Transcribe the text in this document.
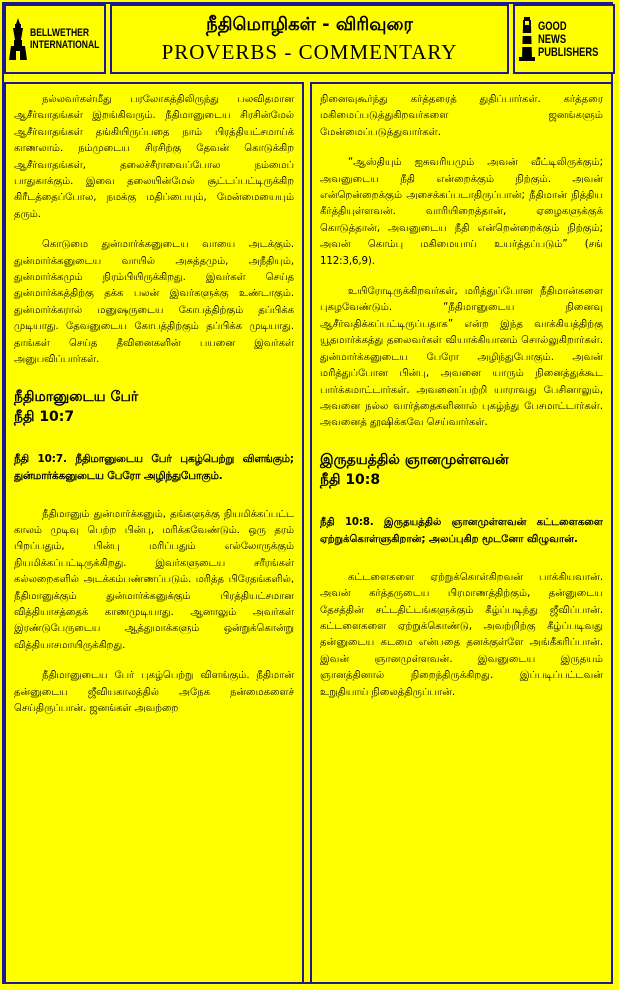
BELLWETHER
INTERNATIONAL
நீதிமொழிகள் - விரிவுரை
PROVERBS - COMMENTARY
GOOD NEWS
PUBLISHERS

நல்லவர்கள்மீது பரலோகத்திலிருந்து பலவிதமான ஆசீர்வாதங்கள் இறங்கிவரும். நீதிமானுடைய சிரசின்மேல் ஆசீர்வாதங்கள் தங்கியிருப்பதை நாம் பிரத்தியட்சமாய்க் காணலாம். நம்முடைய சிரசிற்கு தேவன் கொடுக்கிற ஆசீர்வாதங்கள், தலைச்சீராவைப்போல நம்மைப் பாதுகாக்கும். இவை தலையின்மேல் சூட்டப்பட்டிருக்கிற கிரீடத்தைப்போல, நமக்கு மதிப்பையும், மேன்மையையும் தரும்.

கொடுமை துன்மார்க்கனுடைய வாயை அடக்கும். துன்மார்க்கனுடைய வாயில் அசுத்தமும், அநீதியும், துன்மார்க்கமும் நிரம்பியிருக்கிறது. இவர்கள் செய்த துன்மார்க்கத்திற்கு தக்க பலன் இவர்களுக்கு உண்டாகும். துன்மார்க்கரால் மனுஷருடைய கோபத்திற்கும் தப்பிக்க முடியாது. தேவனுடைய கோபத்திற்கும் தப்பிக்க முடியாது. தாங்கள் செய்த தீவினைகளின் பயனை இவர்கள் அனுபவிப்பார்கள்.

நீதிமானுடைய பேர்
நீதி 10:7

நீதி 10:7. நீதிமானுடைய பேர் புகழ்பெற்று விளங்கும்; துன்மார்க்கனுடைய பேரோ அழிந்துபோகும்.

நீதிமானும் துன்மார்க்கனும், தங்களுக்கு நியமிக்கப்பட்ட காலம் முடிவு பெற்ற பின்பு, மரிக்கவேண்டும். ஒரு தரம் பிறப்பதும், பின்பு மரிப்பதும் எல்லோருக்கும் நியமிக்கப்பட்டிருக்கிறது. இவர்களுடைய சரீரங்கள் கல்லறைகளில் அடக்கம்பண்ணப்படும். மரித்த பிரேதங்களில், நீதிமானுக்கும் துன்மார்க்கனுக்கும் பிரத்தியட்சமான வித்தியாசத்தைக் காணமுடியாது. ஆனாலும் அவர்கள் இரண்டுபேருடைய ஆத்துமாக்களும் ஒன்றுக்கொன்று வித்தியாசமாயிருக்கிறது.

நீதிமானுடைய பேர் புகழ்பெற்று விளங்கும். நீதிமான் தன்னுடைய ஜீவியகாலத்தில் அநேக நன்மைகளைச் செய்திருப்பான். ஜனங்கள் அவற்றை

நினைவுகூர்ந்து கர்த்தரைத் துதிப்பார்கள். கர்த்தரை மகிமைப்படுத்துகிறவர்களை ஜனங்களும் மேன்மைப்படுத்துவார்கள்.

“ஆஸ்தியும் ஐசுவரியமும் அவன் வீட்டிலிருக்கும்; அவனுடைய நீதி என்றைக்கும் நிற்கும். அவன் என்றென்றைக்கும் அசைக்கப்படாதிருப்பான்; நீதிமான் நித்திய கீர்த்தியுள்ளவன். வாரியிறைத்தான், ஏழைகளுக்குக் கொடுத்தான், அவனுடைய நீதி என்றென்றைக்கும் நிற்கும்; அவன் கொம்பு மகிமையாய் உயர்த்தப்படும்” (சங் 112:3,6,9).

உயிரோடிருக்கிறவர்கள், மரித்துப்போன நீதிமான்களை புகழவேண்டும். “நீதிமானுடைய நினைவு ஆசீர்வதிக்கப்பட்டிருப்பதாக” என்ற இந்த வாக்கியத்திற்கு யூதமார்க்கத்து தலைவர்கள் வியாக்கியானம் சொல்லுகிறார்கள். துன்மார்க்கனுடைய பேரோ அழிந்துபோகும். அவன் மரித்துப்போன பின்பு, அவனை யாரும் நினைத்துக்கூட பார்க்கமாட்டார்கள். அவனைப்பற்றி யாராவது பேசினாலும், அவனை நல்ல வார்த்தைகளினால் புகழ்ந்து பேசமாட்டார்கள். அவனைத் தூஷிக்கவே செய்வார்கள்.

இருதயத்தில் ஞானமுள்ளவன்
நீதி 10:8

நீதி 10:8. இருதயத்தில் ஞானமுள்ளவன் கட்டளைகளை ஏற்றுக்கொள்ளுகிறான்; அலப்புகிற மூடனோ விழுவான்.

கட்டளைகளை ஏற்றுக்கொள்கிறவன் பாக்கியவான். அவன் கர்த்தருடைய பிரமாணத்திற்கும், தன்னுடைய தேசத்தின் சட்டதிட்டங்களுக்கும் கீழ்ப்படிந்து ஜீவிப்பான். கட்டளைகளை ஏற்றுக்கொண்டு, அவற்றிற்கு கீழ்ப்படிவது தன்னுடைய கடமை என்பதை தனக்குள்ளே அங்கீகரிப்பான். இவன் ஞானமுள்ளவன். இவனுடைய இருதயம் ஞானத்தினால் நிறைந்திருக்கிறது. இப்படிப்பட்டவன் உறுதியாய் நிலைத்திருப்பான்.
